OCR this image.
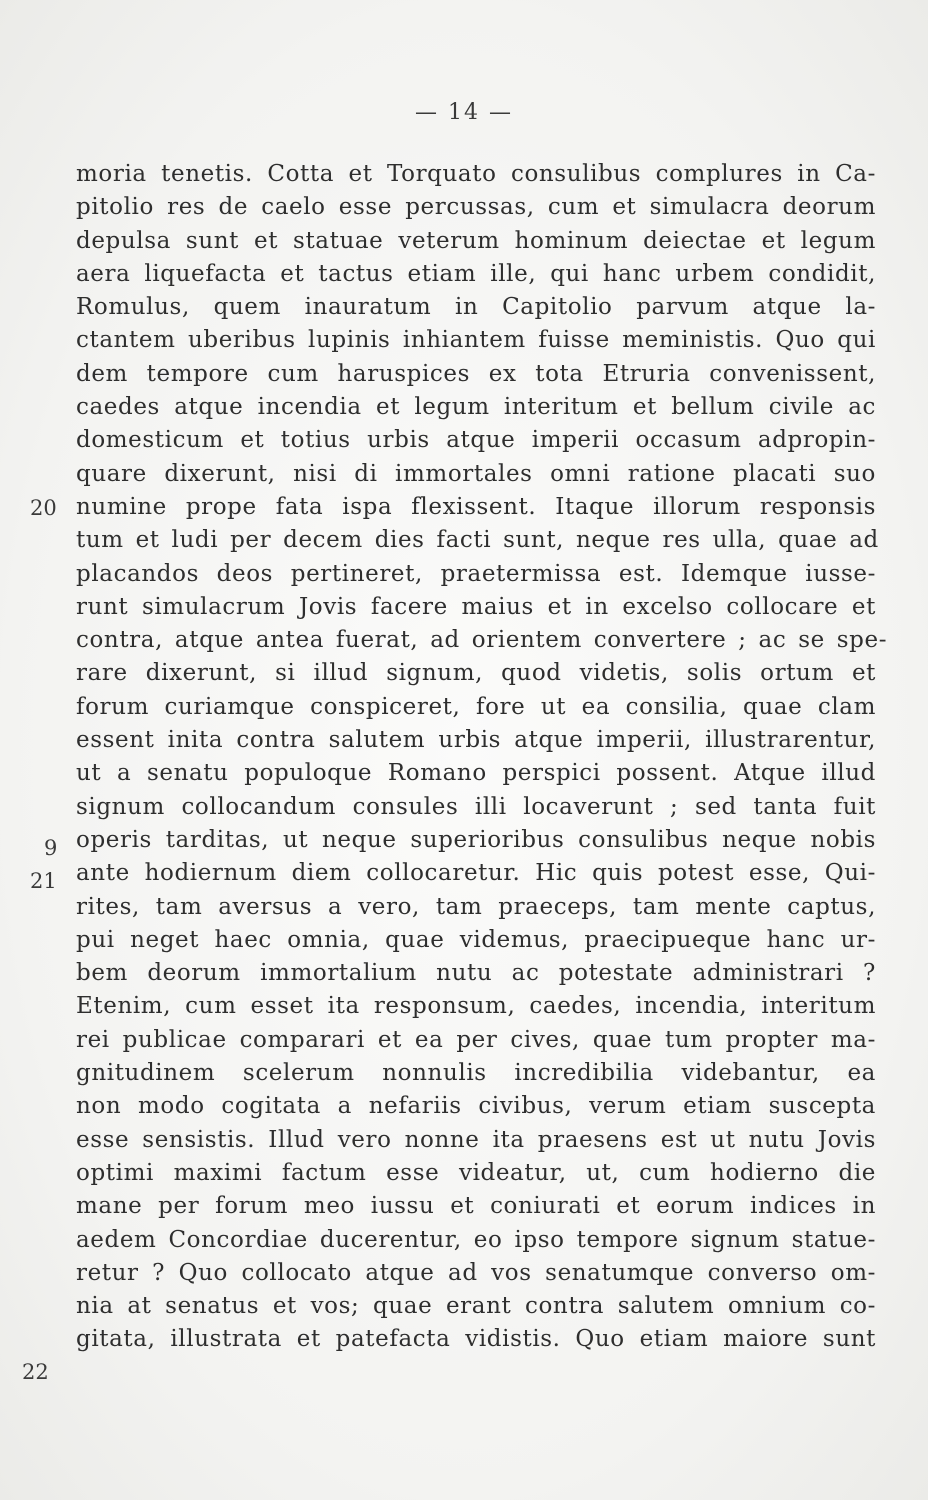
— 14 —
20
9
21
22
moria tenetis. Cotta et Torquato consulibus complures in Ca-
pitolio res de caelo esse percussas, cum et simulacra deorum
depulsa sunt et statuae veterum hominum deiectae et legum
aera liquefacta et tactus etiam ille, qui hanc urbem condidit,
Romulus, quem inauratum in Capitolio parvum atque la-
ctantem uberibus lupinis inhiantem fuisse meministis. Quo qui
dem tempore cum haruspices ex tota Etruria convenissent,
caedes atque incendia et legum interitum et bellum civile ac
domesticum et totius urbis atque imperii occasum adpropin-
quare dixerunt, nisi di immortales omni ratione placati suo
numine prope fata ispa flexissent. Itaque illorum responsis
tum et ludi per decem dies facti sunt, neque res ulla, quae ad
placandos deos pertineret, praetermissa est. Idemque iusse-
runt simulacrum Jovis facere maius et in excelso collocare et
contra, atque antea fuerat, ad orientem convertere ; ac se spe-
rare dixerunt, si illud signum, quod videtis, solis ortum et
forum curiamque conspiceret, fore ut ea consilia, quae clam
essent inita contra salutem urbis atque imperii, illustrarentur,
ut a senatu populoque Romano perspici possent. Atque illud
signum collocandum consules illi locaverunt ; sed tanta fuit
operis tarditas, ut neque superioribus consulibus neque nobis
ante hodiernum diem collocaretur. Hic quis potest esse, Qui-
rites, tam aversus a vero, tam praeceps, tam mente captus,
pui neget haec omnia, quae videmus, praecipueque hanc ur-
bem deorum immortalium nutu ac potestate administrari ?
Etenim, cum esset ita responsum, caedes, incendia, interitum
rei publicae comparari et ea per cives, quae tum propter ma-
gnitudinem scelerum nonnulis incredibilia videbantur, ea
non modo cogitata a nefariis civibus, verum etiam suscepta
esse sensistis. Illud vero nonne ita praesens est ut nutu Jovis
optimi maximi factum esse videatur, ut, cum hodierno die
mane per forum meo iussu et coniurati et eorum indices in
aedem Concordiae ducerentur, eo ipso tempore signum statue-
retur ? Quo collocato atque ad vos senatumque converso om-
nia at senatus et vos; quae erant contra salutem omnium co-
gitata, illustrata et patefacta vidistis. Quo etiam maiore sunt
